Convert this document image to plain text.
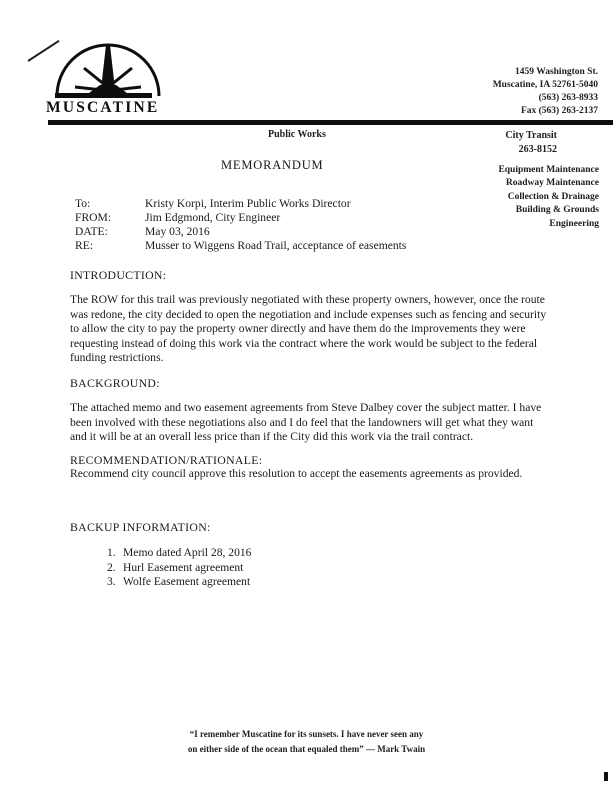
MUSCATINE
1459 Washington St.
Muscatine, IA 52761-5040
(563) 263-8933
Fax (563) 263-2137
Public Works	City Transit
263-8152
Equipment Maintenance
Roadway Maintenance
Collection & Drainage
Building & Grounds
Engineering
MEMORANDUM
To:	Kristy Korpi, Interim Public Works Director
FROM:	Jim Edgmond, City Engineer
DATE:	May 03, 2016
RE:	Musser to Wiggens Road Trail, acceptance of easements
INTRODUCTION:
The ROW for this trail was previously negotiated with these property owners, however, once the route was redone, the city decided to open the negotiation and include expenses such as fencing and security to allow the city to pay the property owner directly and have them do the improvements they were requesting instead of doing this work via the contract where the work would be subject to the federal funding restrictions.
BACKGROUND:
The attached memo and two easement agreements from Steve Dalbey cover the subject matter. I have been involved with these negotiations also and I do feel that the landowners will get what they want and it will be at an overall less price than if the City did this work via the trail contract.
RECOMMENDATION/RATIONALE:
Recommend city council approve this resolution to accept the easements agreements as provided.
BACKUP INFORMATION:
1. Memo dated April 28, 2016
2. Hurl Easement agreement
3. Wolfe Easement agreement
“I remember Muscatine for its sunsets. I have never seen any
on either side of the ocean that equaled them” — Mark Twain
